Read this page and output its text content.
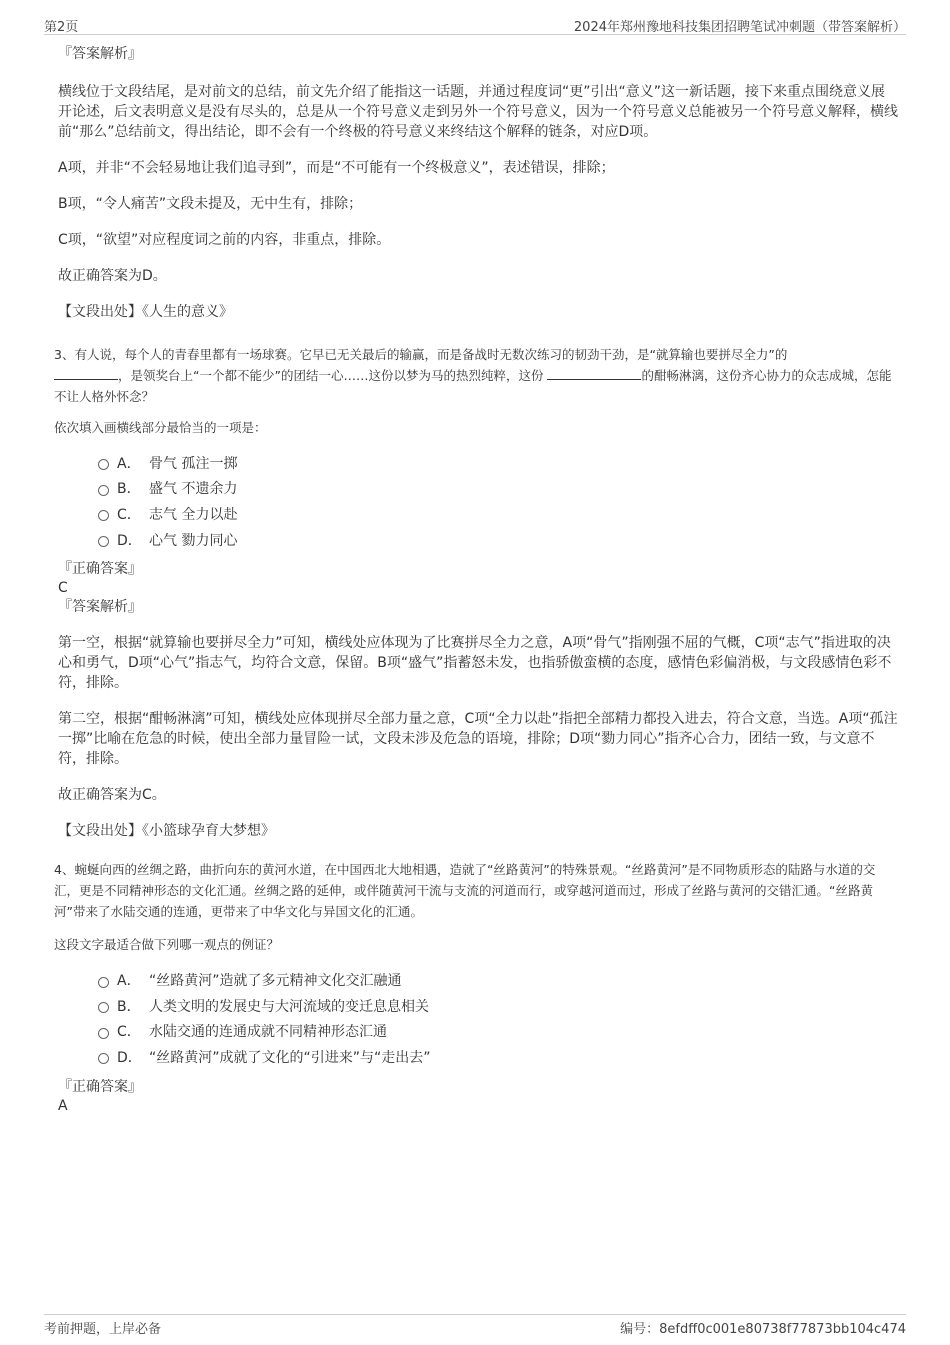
第2页	2024年郑州豫地科技集团招聘笔试冲刺题（带答案解析）

『答案解析』

横线位于文段结尾，是对前文的总结，前文先介绍了能指这一话题，并通过程度词“更”引出“意义”这一新话题，接下来重点围绕意义展开论述，后文表明意义是没有尽头的，总是从一个符号意义走到另外一个符号意义，因为一个符号意义总能被另一个符号意义解释，横线前“那么”总结前文，得出结论，即不会有一个终极的符号意义来终结这个解释的链条，对应D项。

A项，并非“不会轻易地让我们追寻到”，而是“不可能有一个终极意义”，表述错误，排除；

B项，“令人痛苦”文段未提及，无中生有，排除；

C项，“欲望”对应程度词之前的内容，非重点，排除。

故正确答案为D。

【文段出处】《人生的意义》

3、有人说，每个人的青春里都有一场球赛。它早已无关最后的输赢，而是备战时无数次练习的韧劲干劲，是“就算输也要拼尽全力”的
，是领奖台上“一个都不能少”的团结一心……这份以梦为马的热烈纯粹，这份	的酣畅淋漓，这份齐心协力的众志成城，怎能不让人格外怀念？

依次填入画横线部分最恰当的一项是：

A． 骨气 孤注一掷
B． 盛气 不遗余力
C． 志气 全力以赴
D． 心气 勠力同心

『正确答案』

C

『答案解析』

第一空，根据“就算输也要拼尽全力”可知，横线处应体现为了比赛拼尽全力之意，A项“骨气”指刚强不屈的气概，C项“志气”指进取的决心和勇气，D项“心气”指志气，均符合文意，保留。B项“盛气”指蓄怒未发，也指骄傲蛮横的态度，感情色彩偏消极，与文段感情色彩不符，排除。

第二空，根据“酣畅淋漓”可知，横线处应体现拼尽全部力量之意，C项“全力以赴”指把全部精力都投入进去，符合文意，当选。A项“孤注一掷”比喻在危急的时候，使出全部力量冒险一试，文段未涉及危急的语境，排除；D项“勠力同心”指齐心合力，团结一致，与文意不符，排除。

故正确答案为C。

【文段出处】《小篮球孕育大梦想》

4、蜿蜒向西的丝绸之路，曲折向东的黄河水道，在中国西北大地相遇，造就了“丝路黄河”的特殊景观。“丝路黄河”是不同物质形态的陆路与水道的交汇，更是不同精神形态的文化汇通。丝绸之路的延伸，或伴随黄河干流与支流的河道而行，或穿越河道而过，形成了丝路与黄河的交错汇通。“丝路黄河”带来了水陆交通的连通，更带来了中华文化与异国文化的汇通。

这段文字最适合做下列哪一观点的例证？

A． “丝路黄河”造就了多元精神文化交汇融通
B． 人类文明的发展史与大河流域的变迁息息相关
C． 水陆交通的连通成就不同精神形态汇通
D． “丝路黄河”成就了文化的“引进来”与“走出去”

『正确答案』

A

考前押题，上岸必备	编号：8efdff0c001e80738f77873bb104c474
